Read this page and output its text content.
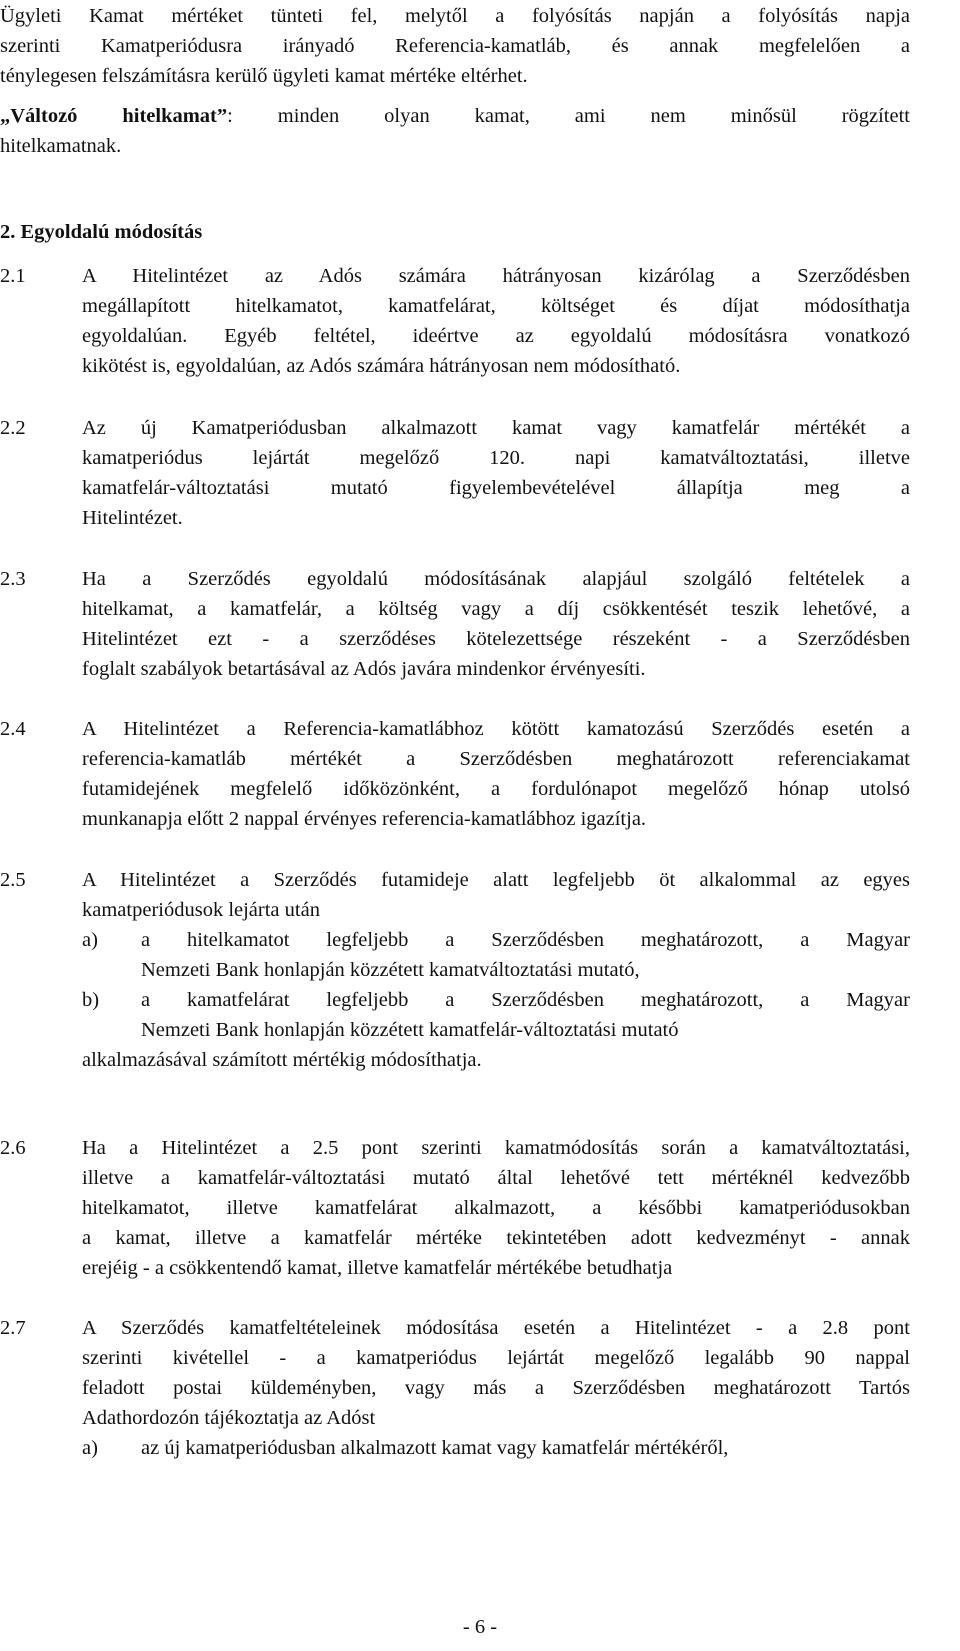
Ügyleti Kamat mértéket tünteti fel, melytől a folyósítás napján a folyósítás napja
szerinti Kamatperiódusra irányadó Referencia-kamatláb, és annak megfelelően a
ténylegesen felszámításra kerülő ügyleti kamat mértéke eltérhet.
„Változó hitelkamat”: minden olyan kamat, ami nem minősül rögzített
hitelkamatnak.
2. Egyoldalú módosítás
2.1	A Hitelintézet az Adós számára hátrányosan kizárólag a Szerződésben
megállapított hitelkamatot, kamatfelárat, költséget és díjat módosíthatja
egyoldalúan. Egyéb feltétel, ideértve az egyoldalú módosításra vonatkozó
kikötést is, egyoldalúan, az Adós számára hátrányosan nem módosítható.
2.2	Az új Kamatperiódusban alkalmazott kamat vagy kamatfelár mértékét a
kamatperiódus lejártát megelőző 120. napi kamatváltoztatási, illetve
kamatfelár-változtatási mutató figyelembevételével állapítja meg a
Hitelintézet.
2.3	Ha a Szerződés egyoldalú módosításának alapjául szolgáló feltételek a
hitelkamat, a kamatfelár, a költség vagy a díj csökkentését teszik lehetővé, a
Hitelintézet ezt - a szerződéses kötelezettsége részeként - a Szerződésben
foglalt szabályok betartásával az Adós javára mindenkor érvényesíti.
2.4	A Hitelintézet a Referencia-kamatlábhoz kötött kamatozású Szerződés esetén a
referencia-kamatláb mértékét a Szerződésben meghatározott referenciakamat
futamidejének megfelelő időközönként, a fordulónapot megelőző hónap utolsó
munkanapja előtt 2 nappal érvényes referencia-kamatlábhoz igazítja.
2.5	A Hitelintézet a Szerződés futamideje alatt legfeljebb öt alkalommal az egyes
kamatperiódusok lejárta után
a) a hitelkamatot legfeljebb a Szerződésben meghatározott, a Magyar
Nemzeti Bank honlapján közzétett kamatváltoztatási mutató,
b) a kamatfelárat legfeljebb a Szerződésben meghatározott, a Magyar
Nemzeti Bank honlapján közzétett kamatfelár-változtatási mutató
alkalmazásával számított mértékig módosíthatja.
2.6	Ha a Hitelintézet a 2.5 pont szerinti kamatmódosítás során a kamatváltoztatási,
illetve a kamatfelár-változtatási mutató által lehetővé tett mértéknél kedvezőbb
hitelkamatot, illetve kamatfelárat alkalmazott, a későbbi kamatperiódusokban
a kamat, illetve a kamatfelár mértéke tekintetében adott kedvezményt - annak
erejéig - a csökkentendő kamat, illetve kamatfelár mértékébe betudhatja
2.7	A Szerződés kamatfeltételeinek módosítása esetén a Hitelintézet - a 2.8 pont
szerinti kivétellel - a kamatperiódus lejártát megelőző legalább 90 nappal
feladott postai küldeményben, vagy más a Szerződésben meghatározott Tartós
Adathordozón tájékoztatja az Adóst
a) az új kamatperiódusban alkalmazott kamat vagy kamatfelár mértékéről,
- 6 -
